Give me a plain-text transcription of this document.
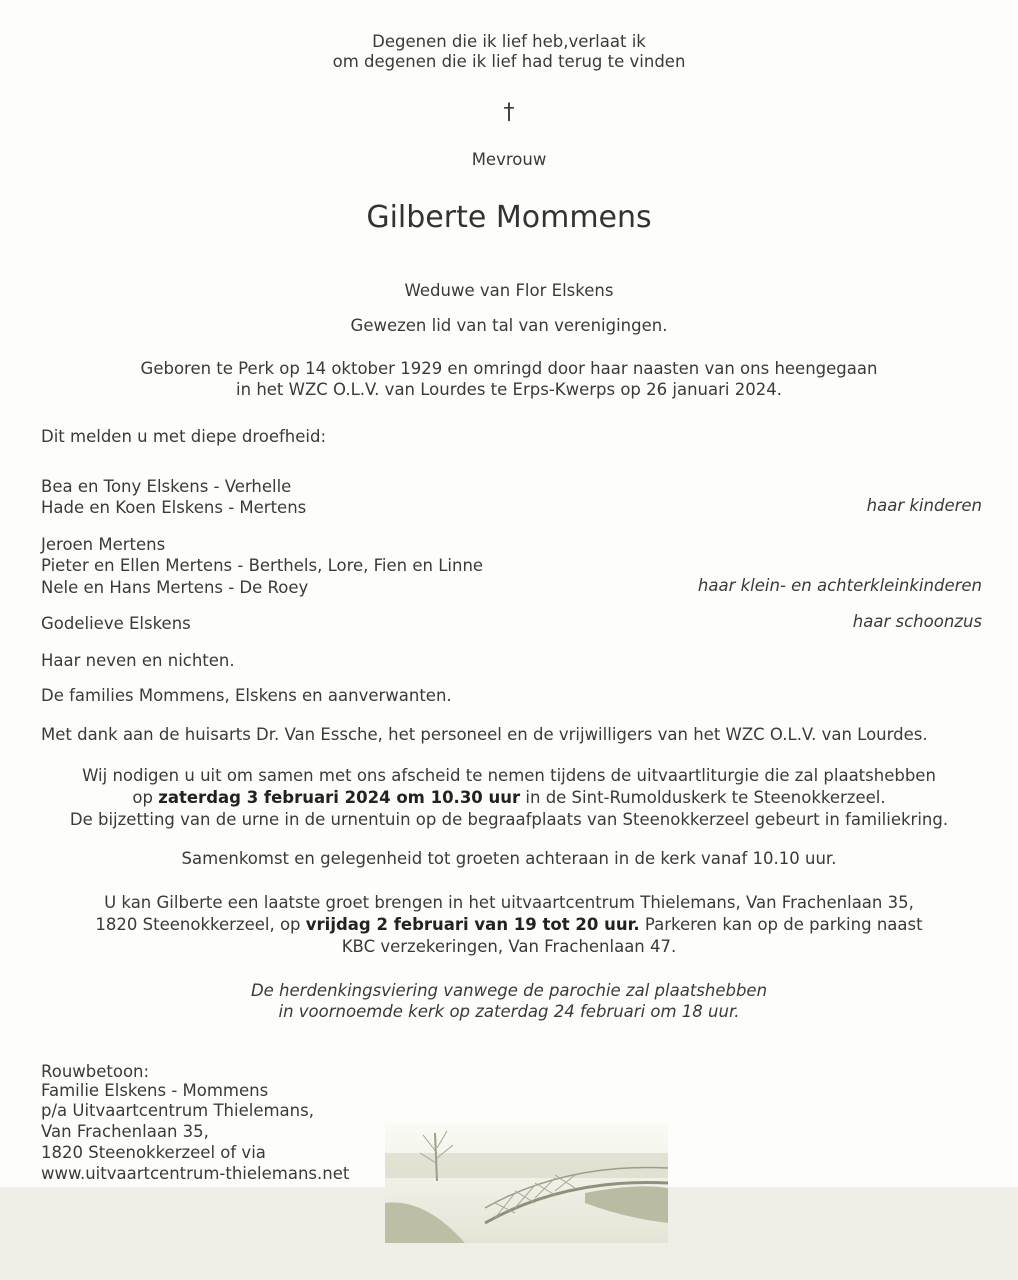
Degenen die ik lief heb,verlaat ik
om degenen die ik lief had terug te vinden
†
Mevrouw
Gilberte Mommens
Weduwe van Flor Elskens
Gewezen lid van tal van verenigingen.
Geboren te Perk op 14 oktober 1929 en omringd door haar naasten van ons heengegaan
in het WZC O.L.V. van Lourdes te Erps-Kwerps op 26 januari 2024.
Dit melden u met diepe droefheid:
Bea en Tony Elskens - Verhelle
Hade en Koen Elskens - Mertens	haar kinderen
Jeroen Mertens
Pieter en Ellen Mertens - Berthels, Lore, Fien en Linne
Nele en Hans Mertens - De Roey	haar klein- en achterkleinkinderen
Godelieve Elskens	haar schoonzus
Haar neven en nichten.
De families Mommens, Elskens en aanverwanten.
Met dank aan de huisarts Dr. Van Essche, het personeel en de vrijwilligers van het WZC O.L.V. van Lourdes.
Wij nodigen u uit om samen met ons afscheid te nemen tijdens de uitvaartliturgie die zal plaatshebben
op zaterdag 3 februari 2024 om 10.30 uur in de Sint-Rumolduskerk te Steenokkerzeel.
De bijzetting van de urne in de urnentuin op de begraafplaats van Steenokkerzeel gebeurt in familiekring.
Samenkomst en gelegenheid tot groeten achteraan in de kerk vanaf 10.10 uur.
U kan Gilberte een laatste groet brengen in het uitvaartcentrum Thielemans, Van Frachenlaan 35,
1820 Steenokkerzeel, op vrijdag 2 februari van 19 tot 20 uur. Parkeren kan op de parking naast
KBC verzekeringen, Van Frachenlaan 47.
De herdenkingsviering vanwege de parochie zal plaatshebben
in voornoemde kerk op zaterdag 24 februari om 18 uur.
Rouwbetoon:
Familie Elskens - Mommens
p/a Uitvaartcentrum Thielemans,
Van Frachenlaan 35,
1820 Steenokkerzeel of via
www.uitvaartcentrum-thielemans.net
